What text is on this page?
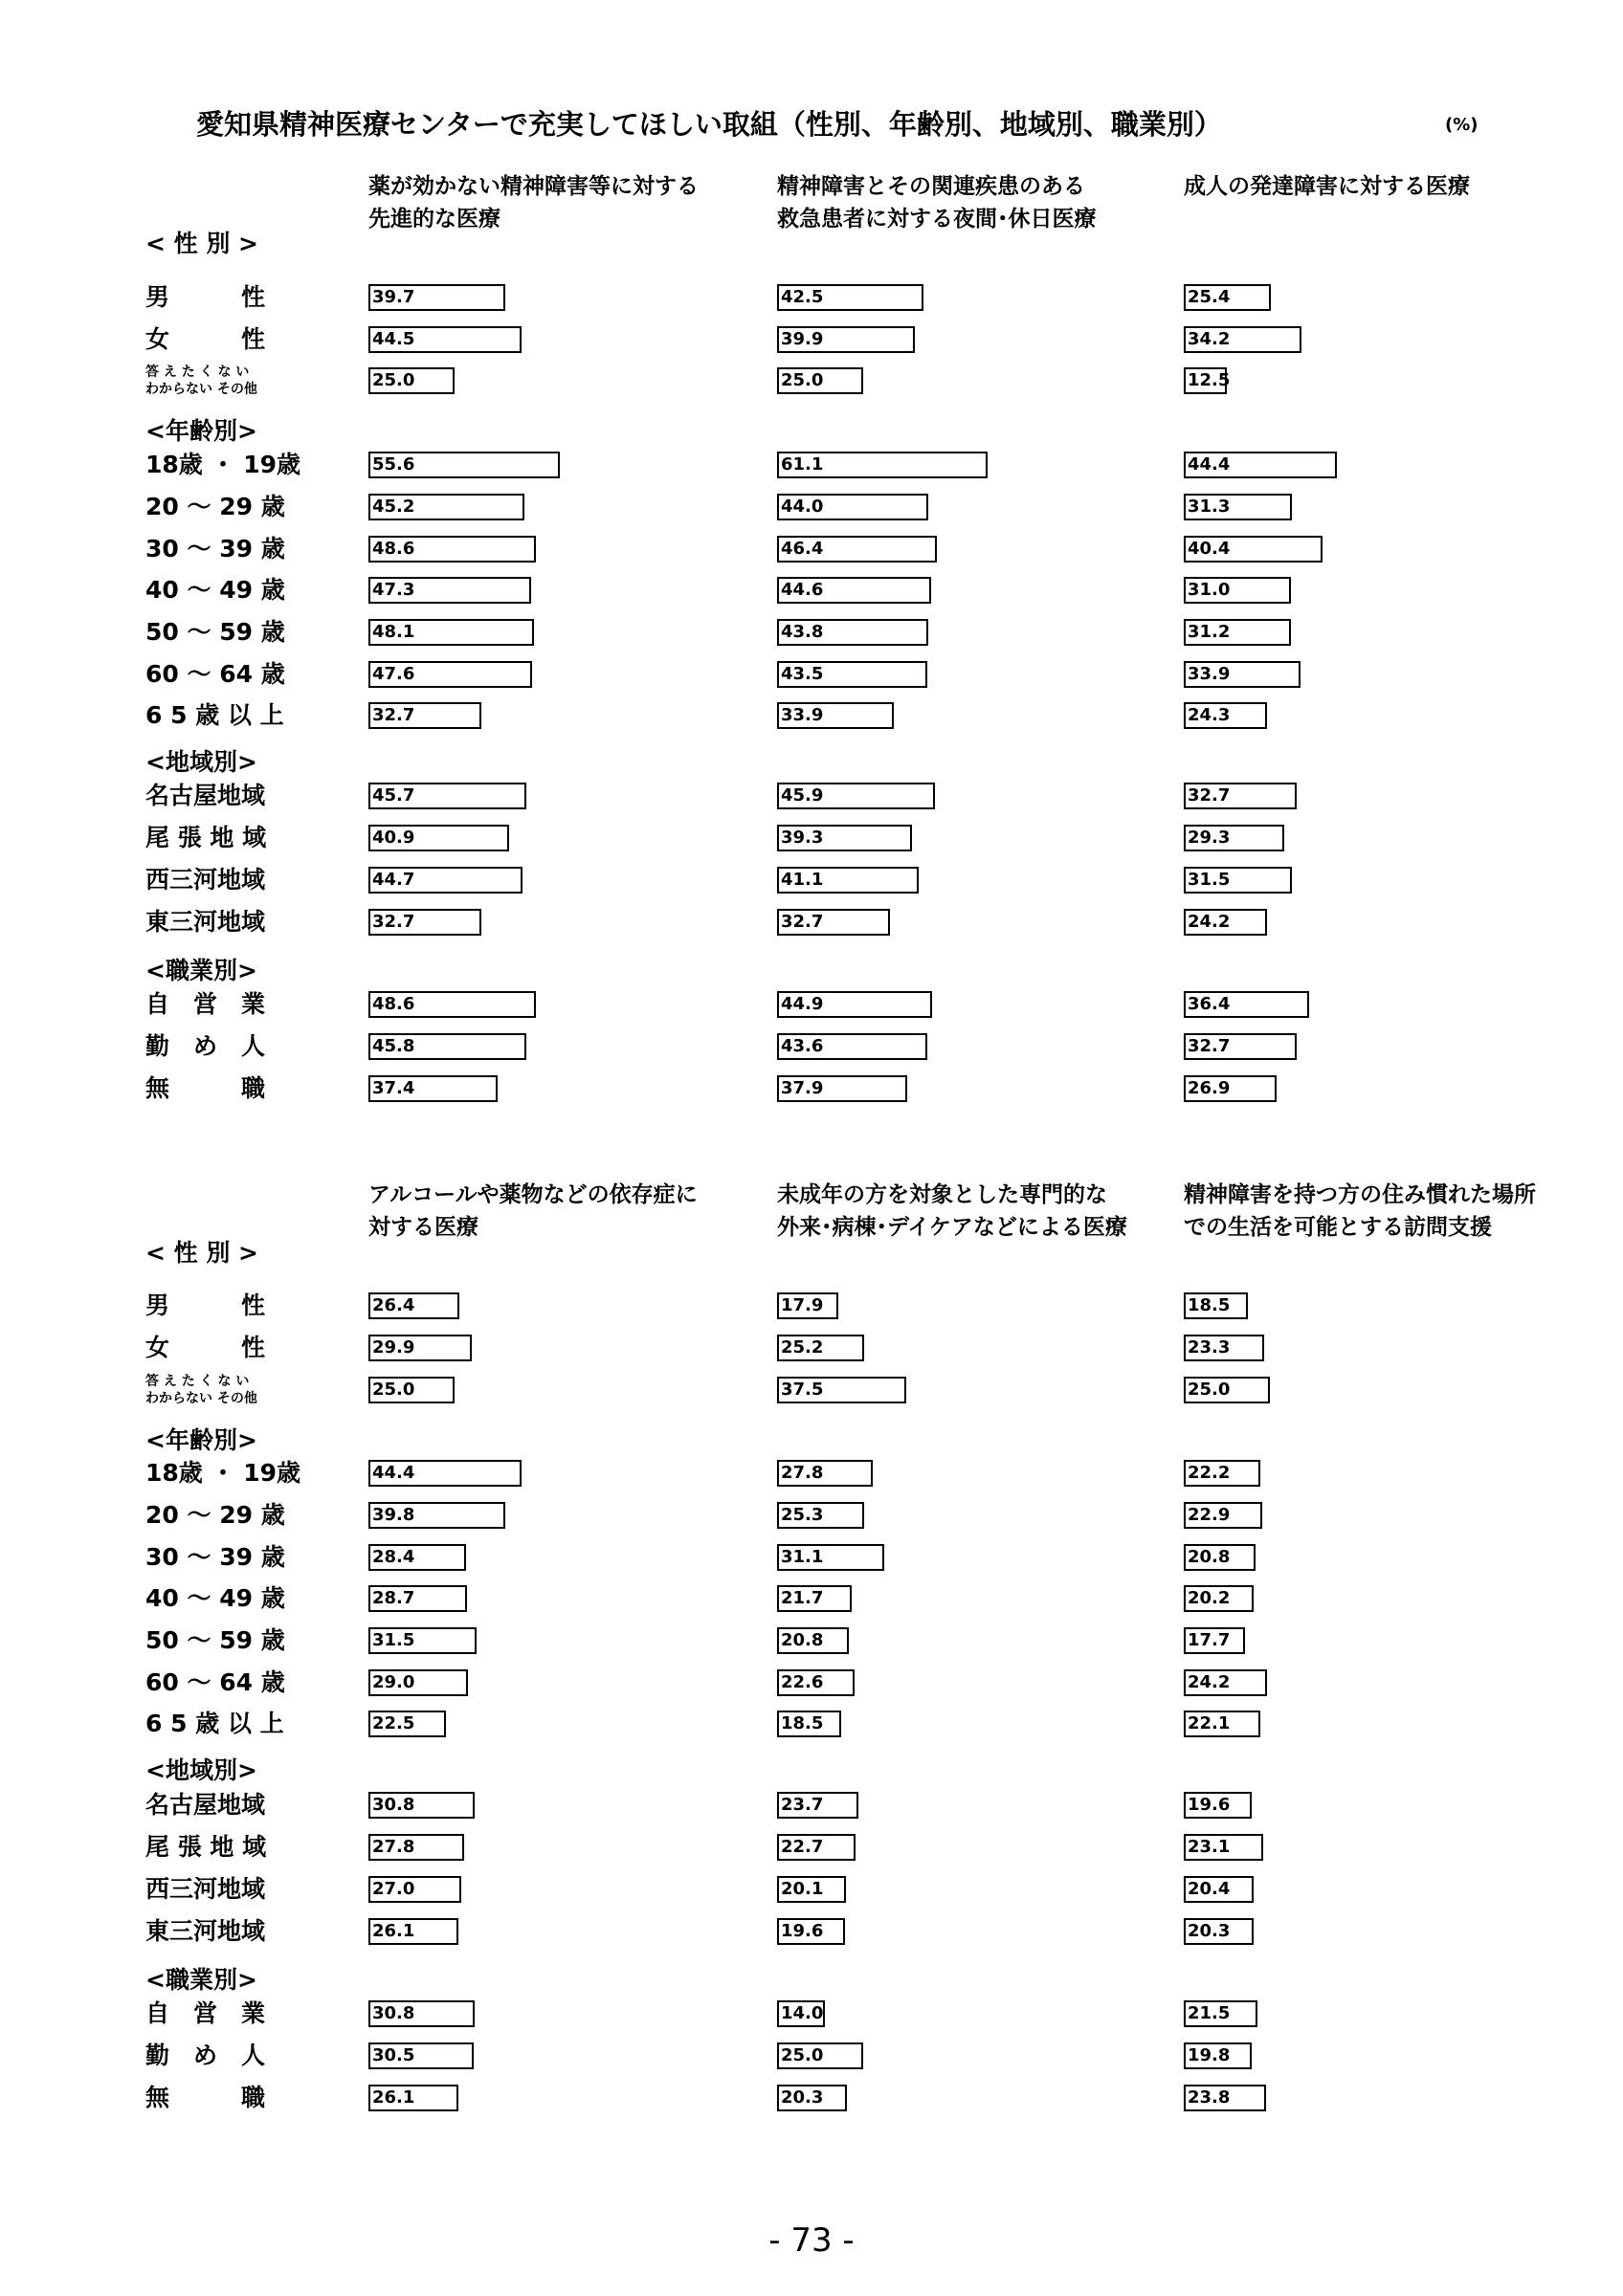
愛知県精神医療センターで充実してほしい取組（性別、年齢別、地域別、職業別）	(%)
薬が効かない精神障害等に対する
先進的な医療
精神障害とその関連疾患のある
救急患者に対する夜間･休日医療
成人の発達障害に対する医療
< 性 別 >
男　　　性	39.7	42.5	25.4
女　　　性	44.5	39.9	34.2
答 え た く な い
わからない その他	25.0	25.0	12.5
<年齢別>
18歳 ・ 19歳	55.6	61.1	44.4
20 ～ 29 歳	45.2	44.0	31.3
30 ～ 39 歳	48.6	46.4	40.4
40 ～ 49 歳	47.3	44.6	31.0
50 ～ 59 歳	48.1	43.8	31.2
60 ～ 64 歳	47.6	43.5	33.9
6 5 歳 以 上	32.7	33.9	24.3
<地域別>
名古屋地域	45.7	45.9	32.7
尾 張 地 域	40.9	39.3	29.3
西三河地域	44.7	41.1	31.5
東三河地域	32.7	32.7	24.2
<職業別>
自　営　業	48.6	44.9	36.4
勤　め　人	45.8	43.6	32.7
無　　　職	37.4	37.9	26.9
アルコールや薬物などの依存症に
対する医療
未成年の方を対象とした専門的な
外来･病棟･デイケアなどによる医療
精神障害を持つ方の住み慣れた場所
での生活を可能とする訪問支援
< 性 別 >
男　　　性	26.4	17.9	18.5
女　　　性	29.9	25.2	23.3
答 え た く な い
わからない その他	25.0	37.5	25.0
<年齢別>
18歳 ・ 19歳	44.4	27.8	22.2
20 ～ 29 歳	39.8	25.3	22.9
30 ～ 39 歳	28.4	31.1	20.8
40 ～ 49 歳	28.7	21.7	20.2
50 ～ 59 歳	31.5	20.8	17.7
60 ～ 64 歳	29.0	22.6	24.2
6 5 歳 以 上	22.5	18.5	22.1
<地域別>
名古屋地域	30.8	23.7	19.6
尾 張 地 域	27.8	22.7	23.1
西三河地域	27.0	20.1	20.4
東三河地域	26.1	19.6	20.3
<職業別>
自　営　業	30.8	14.0	21.5
勤　め　人	30.5	25.0	19.8
無　　　職	26.1	20.3	23.8
- 73 -
